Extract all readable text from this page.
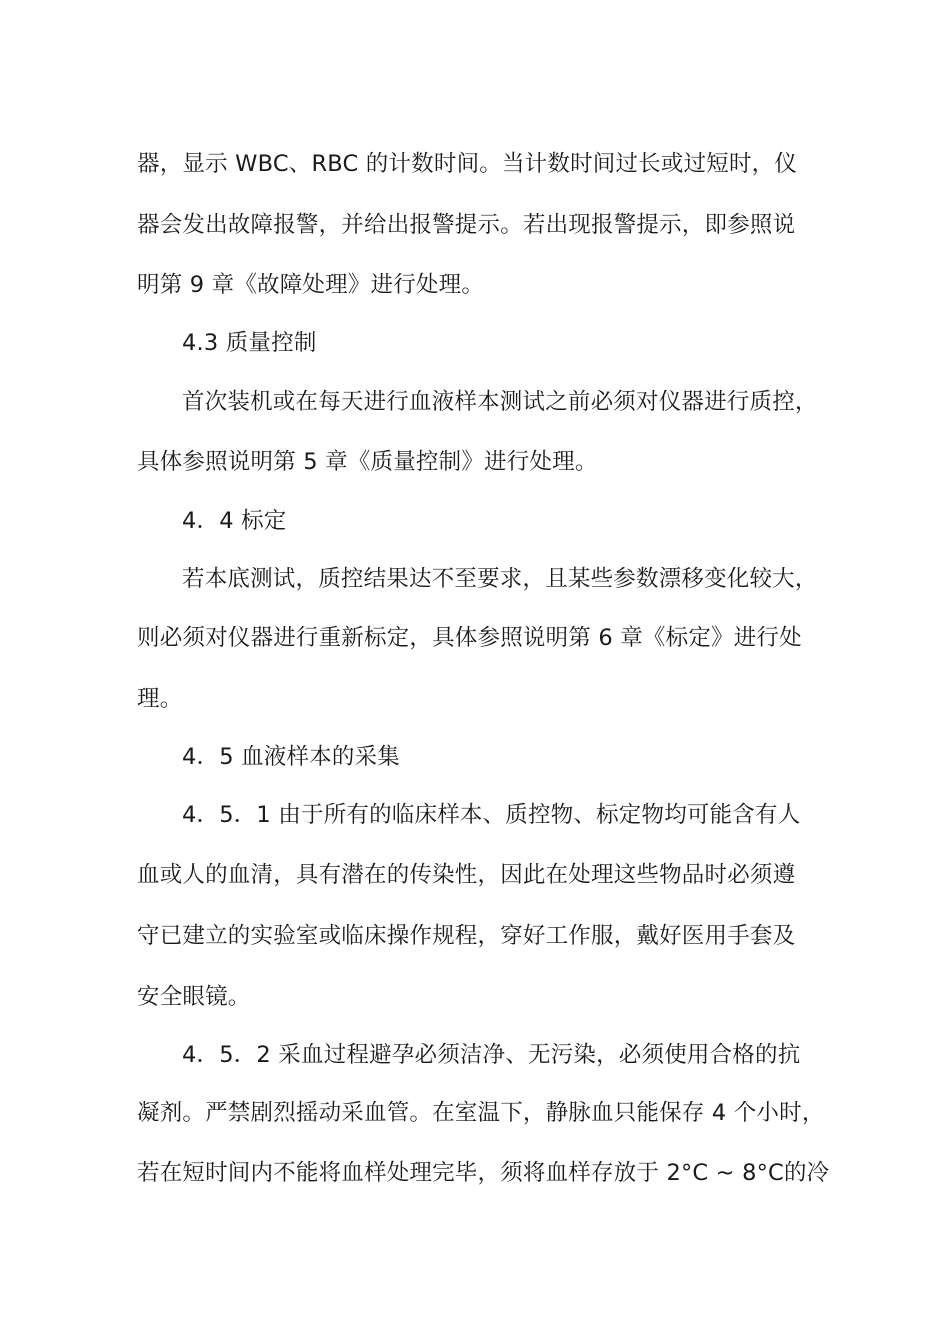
器，显示 WBC、RBC 的计数时间。当计数时间过长或过短时，仪
器会发出故障报警，并给出报警提示。若出现报警提示，即参照说
明第 9 章《故障处理》进行处理。
4.3 质量控制
首次装机或在每天进行血液样本测试之前必须对仪器进行质控，
具体参照说明第 5 章《质量控制》进行处理。
4．4 标定
若本底测试，质控结果达不至要求，且某些参数漂移变化较大，
则必须对仪器进行重新标定，具体参照说明第 6 章《标定》进行处
理。
4．5 血液样本的采集
4．5．1 由于所有的临床样本、质控物、标定物均可能含有人
血或人的血清，具有潜在的传染性，因此在处理这些物品时必须遵
守已建立的实验室或临床操作规程，穿好工作服，戴好医用手套及
安全眼镜。
4．5．2 采血过程避孕必须洁净、无污染，必须使用合格的抗
凝剂。严禁剧烈摇动采血管。在室温下，静脉血只能保存 4 个小时，
若在短时间内不能将血样处理完毕，须将血样存放于 2°C ~ 8°C的冷
